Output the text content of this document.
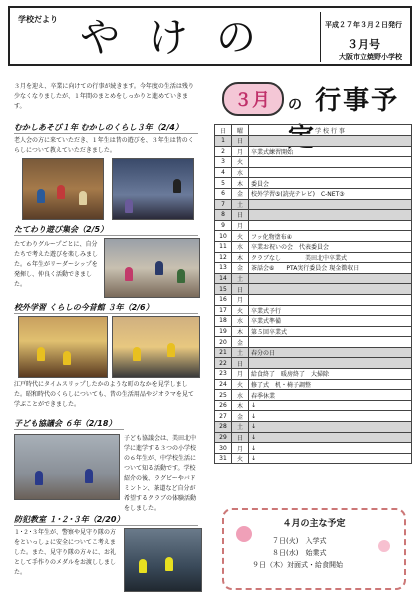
学校だより やけの	平成２７年３月２日発行
３月号
大阪市立焼野小学校
３月を迎え、卒業に向けての行事が続きます。今年度の生活は残り少なくなりましたが、１年間のまとめをしっかりと進めていきます。
むかしあそび１年 むかしのくらし３年（2/4）
老人会の方に来ていただき、１年生は昔の遊びを、３年生は昔のくらしについて教えていただきました。
たてわり遊び集会（2/5）
たてわりグループごとに、自分たちで考えた遊びを楽しみました。６年生がリーダーシップを発揮し、仲良く活動できました。
校外学習 くらしの今昔館 ３年（2/6）
江戸時代にタイムスリップしたかのような町のなかを見学しました。昭和時代のくらしについても、昔の生活用品やジオラマを見て学ぶことができました。
子ども協議会 ６年（2/18）
子ども協議会は、美田北中学に進学する３つの小学校の６年生が、中学校生活について知る活動です。学校紹介の後、ラグビーやバドミントン、茶道など自分が希望するクラブの体験活動をしました。
防犯教室 １･２･３年（2/20）
１･２･３年生が、警察や見守り隊の方をといっしょに安全についてこ考えました。また、見守り隊の方々に、お礼として手作りのメダルをお渡ししました。
３月 の 行事予
日	曜	学 校 行 事
1	日	
2	月	卒業式練習開始
3	火	
4	水	
5	木	委員会
6	金	校外学習⑤(読売テレビ)　C-NET③
7	土	
8	日	
9	月	
10	火	フッ化物塗布④
11	水	卒業お祝いの会　代表委員会
12	木	クラブなし　　　　美田北中卒業式
13	金	茶話会⑥　　PTA実行委員会 現金徴収日
14	土	
15	日	
16	月	
17	火	卒業式予行
18	水	卒業式準備
19	木	第５回卒業式
20	金	
21	土	春分の日
22	日	
23	月	給食終了　暖房終了　大掃除
24	火	修了式　机・椅子調整
25	水	春季休業
26	木	↓
27	金	↓
28	土	↓
29	日	↓
30	月	↓
31	火	↓
４月の主な予定
７日(火)　入学式
８日(水)　始業式
９日（木）対面式・給食開始
